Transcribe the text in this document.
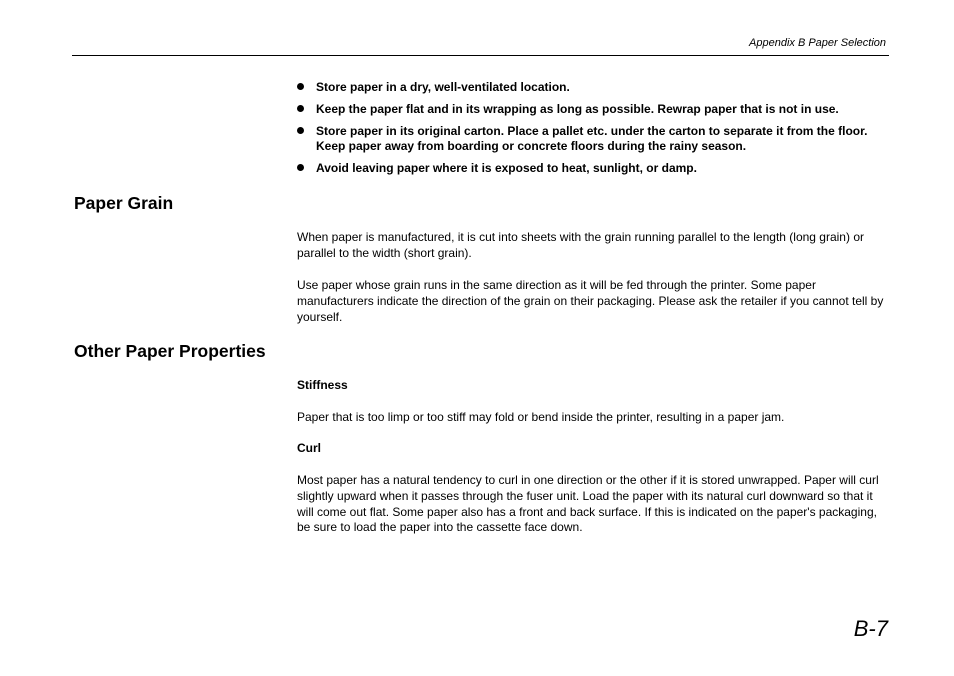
Appendix B Paper Selection
Store paper in a dry, well-ventilated location.
Keep the paper flat and in its wrapping as long as possible. Rewrap paper that is not in use.
Store paper in its original carton. Place a pallet etc. under the carton to separate it from the floor. Keep paper away from boarding or concrete floors during the rainy season.
Avoid leaving paper where it is exposed to heat, sunlight, or damp.
Paper Grain

When paper is manufactured, it is cut into sheets with the grain running parallel to the length (long grain) or parallel to the width (short grain).

Use paper whose grain runs in the same direction as it will be fed through the printer. Some paper manufacturers indicate the direction of the grain on their packaging. Please ask the retailer if you cannot tell by yourself.

Other Paper Properties
Stiffness

Paper that is too limp or too stiff may fold or bend inside the printer, resulting in a paper jam.

Curl

Most paper has a natural tendency to curl in one direction or the other if it is stored unwrapped. Paper will curl slightly upward when it passes through the fuser unit. Load the paper with its natural curl downward so that it will come out flat. Some paper also has a front and back surface. If this is indicated on the paper's packaging, be sure to load the paper into the cassette face down.

B-7
